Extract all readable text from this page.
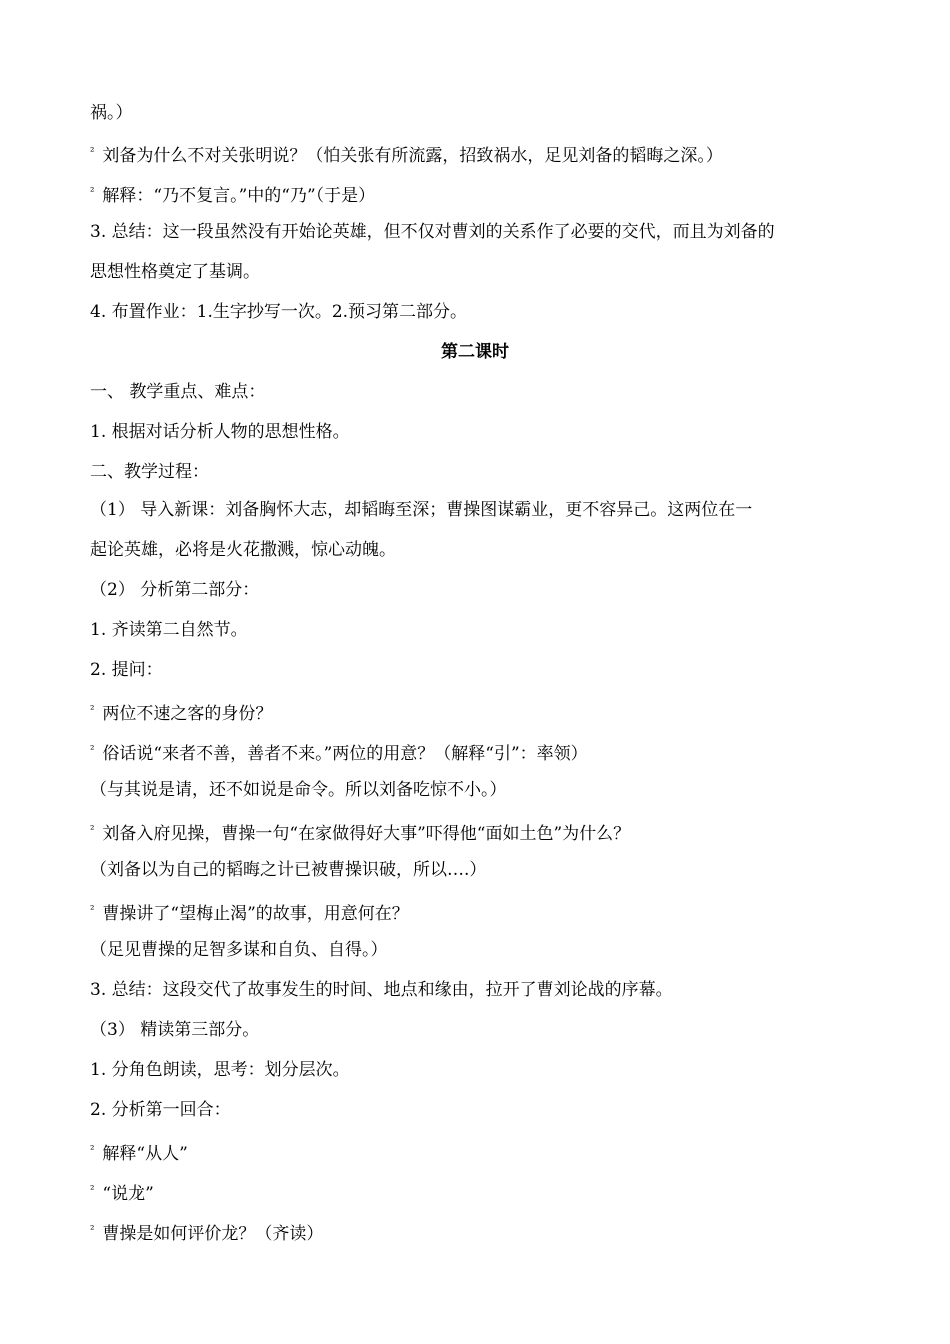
祸。）
$^{^2}$ 刘备为什么不对关张明说？（怕关张有所流露，招致祸水，足见刘备的韬晦之深。）
$^{^2}$ 解释：“乃不复言。”中的“乃”（于是）
3. 总结：这一段虽然没有开始论英雄，但不仅对曹刘的关系作了必要的交代，而且为刘备的
思想性格奠定了基调。
4. 布置作业：1.生字抄写一次。2.预习第二部分。
第二课时
一、 教学重点、难点：
1. 根据对话分析人物的思想性格。
二、教学过程：
（1） 导入新课：刘备胸怀大志，却韬晦至深；曹操图谋霸业，更不容异己。这两位在一
起论英雄，必将是火花撒溅，惊心动魄。
（2） 分析第二部分：
1. 齐读第二自然节。
2. 提问：
$^{^2}$ 两位不速之客的身份？
$^{^2}$ 俗话说“来者不善，善者不来。”两位的用意？（解释“引”：率领）
（与其说是请，还不如说是命令。所以刘备吃惊不小。）
$^{^2}$ 刘备入府见操，曹操一句“在家做得好大事”吓得他“面如土色”为什么？
（刘备以为自己的韬晦之计已被曹操识破，所以….）
$^{^2}$ 曹操讲了“望梅止渴”的故事，用意何在？
（足见曹操的足智多谋和自负、自得。）
3. 总结：这段交代了故事发生的时间、地点和缘由，拉开了曹刘论战的序幕。
（3） 精读第三部分。
1. 分角色朗读，思考：划分层次。
2. 分析第一回合：
$^{^2}$ 解释“从人”
$^{^2}$ “说龙”
$^{^2}$ 曹操是如何评价龙？（齐读）
